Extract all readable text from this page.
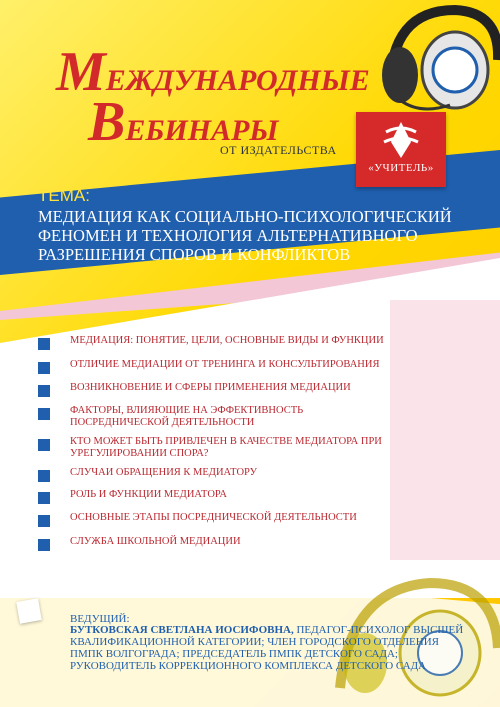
МЕЖДУНАРОДНЫЕ
ВЕБИНАРЫ
ОТ ИЗДАТЕЛЬСТВА
«УЧИТЕЛЬ»
ТЕМА:
МЕДИАЦИЯ КАК СОЦИАЛЬНО-ПСИХОЛОГИЧЕСКИЙ ФЕНОМЕН И ТЕХНОЛОГИЯ АЛЬТЕРНАТИВНОГО РАЗРЕШЕНИЯ СПОРОВ И КОНФЛИКТОВ
МЕДИАЦИЯ: ПОНЯТИЕ, ЦЕЛИ, ОСНОВНЫЕ ВИДЫ И ФУНКЦИИ
ОТЛИЧИЕ МЕДИАЦИИ ОТ ТРЕНИНГА И КОНСУЛЬТИРОВАНИЯ
ВОЗНИКНОВЕНИЕ И СФЕРЫ ПРИМЕНЕНИЯ МЕДИАЦИИ
ФАКТОРЫ, ВЛИЯЮЩИЕ НА ЭФФЕКТИВНОСТЬ ПОСРЕДНИЧЕСКОЙ ДЕЯТЕЛЬНОСТИ
КТО МОЖЕТ БЫТЬ ПРИВЛЕЧЕН В КАЧЕСТВЕ МЕДИАТОРА ПРИ УРЕГУЛИРОВАНИИ СПОРА?
СЛУЧАИ ОБРАЩЕНИЯ К МЕДИАТОРУ
РОЛЬ И ФУНКЦИИ МЕДИАТОРА
ОСНОВНЫЕ ЭТАПЫ ПОСРЕДНИЧЕСКОЙ ДЕЯТЕЛЬНОСТИ
СЛУЖБА ШКОЛЬНОЙ МЕДИАЦИИ
ВЕДУЩИЙ:
БУТКОВСКАЯ СВЕТЛАНА ИОСИФОВНА, ПЕДАГОГ-ПСИХОЛОГ ВЫСШЕЙ КВАЛИФИКАЦИОННОЙ КАТЕГОРИИ; ЧЛЕН ГОРОДСКОГО ОТДЕЛЕНИЯ ПМПК ВОЛГОГРАДА; ПРЕДСЕДАТЕЛЬ ПМПК ДЕТСКОГО САДА; РУКОВОДИТЕЛЬ КОРРЕКЦИОННОГО КОМПЛЕКСА ДЕТСКОГО САДА
